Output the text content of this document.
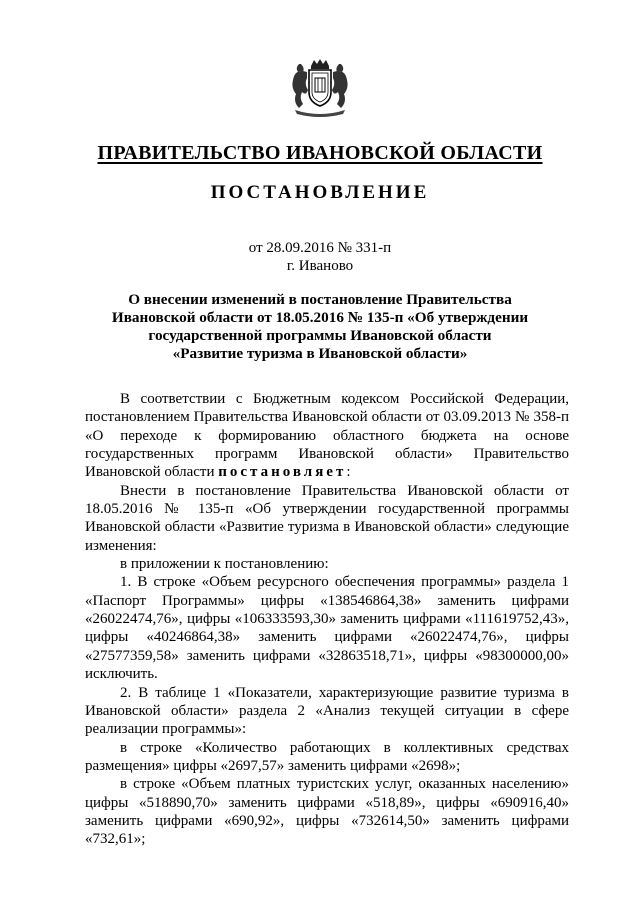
ПРАВИТЕЛЬСТВО ИВАНОВСКОЙ ОБЛАСТИ
ПОСТАНОВЛЕНИЕ
от 28.09.2016 № 331-п
г. Иваново
О внесении изменений в постановление Правительства
Ивановской области от 18.05.2016 № 135-п «Об утверждении
государственной программы Ивановской области
«Развитие туризма в Ивановской области»

В соответствии с Бюджетным кодексом Российской Федерации, постановлением Правительства Ивановской области от 03.09.2013 № 358-п «О переходе к формированию областного бюджета на основе государственных программ Ивановской области» Правительство Ивановской области постановляет:

Внести в постановление Правительства Ивановской области от 18.05.2016 № 135-п «Об утверждении государственной программы Ивановской области «Развитие туризма в Ивановской области» следующие изменения:

в приложении к постановлению:

1. В строке «Объем ресурсного обеспечения программы» раздела 1 «Паспорт Программы» цифры «138546864,38» заменить цифрами «26022474,76», цифры «106333593,30» заменить цифрами «111619752,43», цифры «40246864,38» заменить цифрами «26022474,76», цифры «27577359,58» заменить цифрами «32863518,71», цифры «98300000,00» исключить.

2. В таблице 1 «Показатели, характеризующие развитие туризма в Ивановской области» раздела 2 «Анализ текущей ситуации в сфере реализации программы»:

в строке «Количество работающих в коллективных средствах размещения» цифры «2697,57» заменить цифрами «2698»;

в строке «Объем платных туристских услуг, оказанных населению» цифры «518890,70» заменить цифрами «518,89», цифры «690916,40» заменить цифрами «690,92», цифры «732614,50» заменить цифрами «732,61»;
